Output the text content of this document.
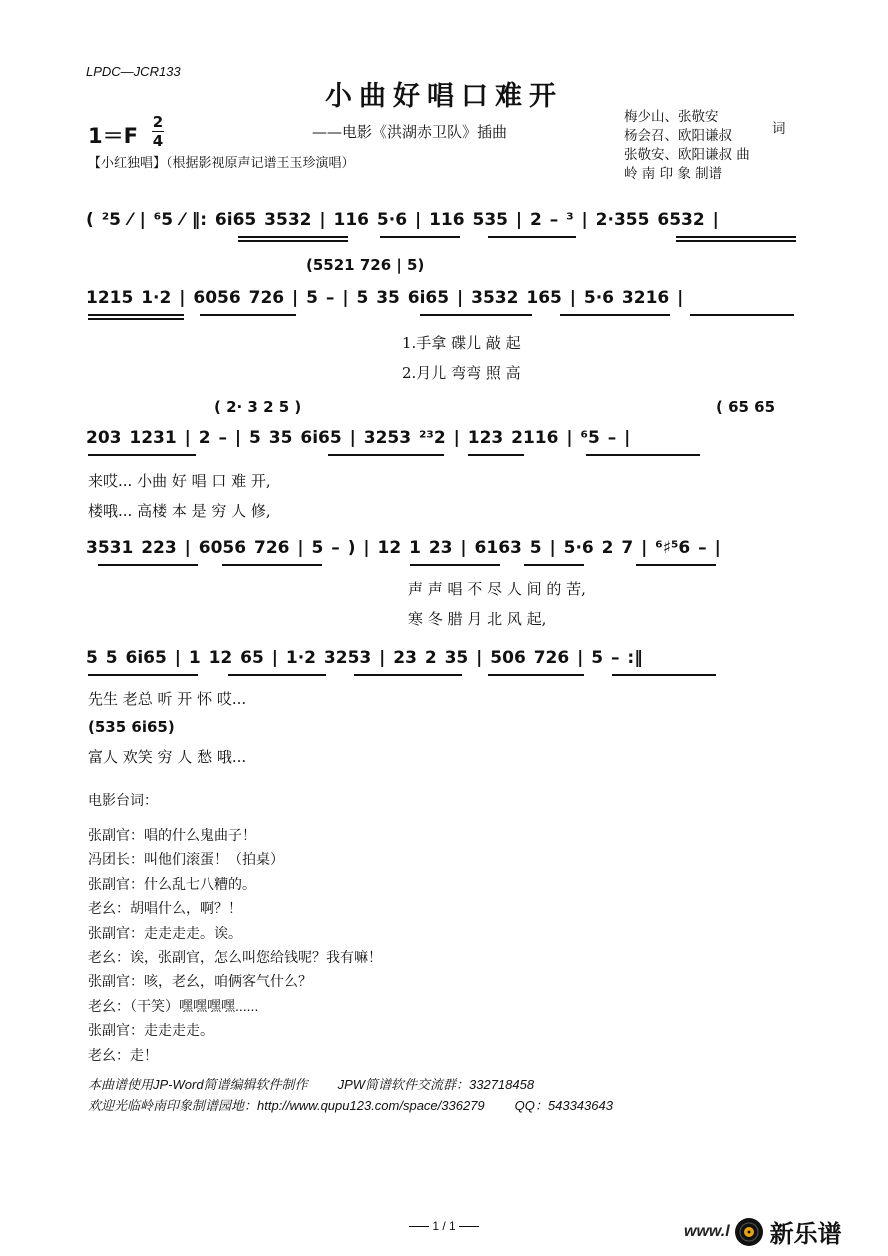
LPDC—JCR133
小曲好唱口难开
1＝F
2
4	——电影《洪湖赤卫队》插曲
【小红独唱】（根据影视原声记谱王玉珍演唱）
梅少山、张敬安
杨会召、欧阳谦叔	词
张敬安、欧阳谦叔 曲
岭 南 印 象 制谱
( ²5 ⁄ | ⁶5 ⁄ ‖: 6i65 3532 | 116 5·6 | 116 535 | 2 – ³ | 2·355 6532 |
(5521 726 | 5)
1215 1·2 | 6056 726 | 5 – | 5 35 6i65 | 3532 165 | 5·6 3216 |
1.手拿 碟儿 敲 起
2.月儿 弯弯 照 高
( 2· 3 2 5 )	( 65 65
203 1231 | 2 – | 5 35 6i65 | 3253 ²³2 | 123 2116 | ⁶5 – |
来哎... 小曲 好 唱 口 难 开,
楼哦... 高楼 本 是 穷 人 修,
3531 223 | 6056 726 | 5 – ) | 12 1 23 | 6163 5 | 5·6 2 7 | ⁶♯⁵6 – |
声 声 唱 不 尽 人 间 的 苦,
寒 冬 腊 月 北 风 起,
5 5 6i65 | 1 12 65 | 1·2 3253 | 23 2 35 | 506 726 | 5 – :‖
先生 老总 听 开 怀 哎...
(535 6i65)
富人 欢笑 穷 人 愁 哦...
电影台词：
张副官：唱的什么鬼曲子！
冯团长：叫他们滚蛋！（拍桌）
张副官：什么乱七八糟的。
老幺：胡唱什么，啊？！
张副官：走走走走。诶。
老幺：诶，张副官，怎么叫您给钱呢？我有嘛！
张副官：咳，老幺，咱俩客气什么？
老幺：（干笑）嘿嘿嘿嘿......
张副官：走走走走。
老幺：走！
本曲谱使用JP-Word简谱编辑软件制作 JPW简谱软件交流群：332718458
欢迎光临岭南印象制谱园地：http://www.qupu123.com/space/336279 QQ：543343643
1 / 1	www.l 新乐谱
